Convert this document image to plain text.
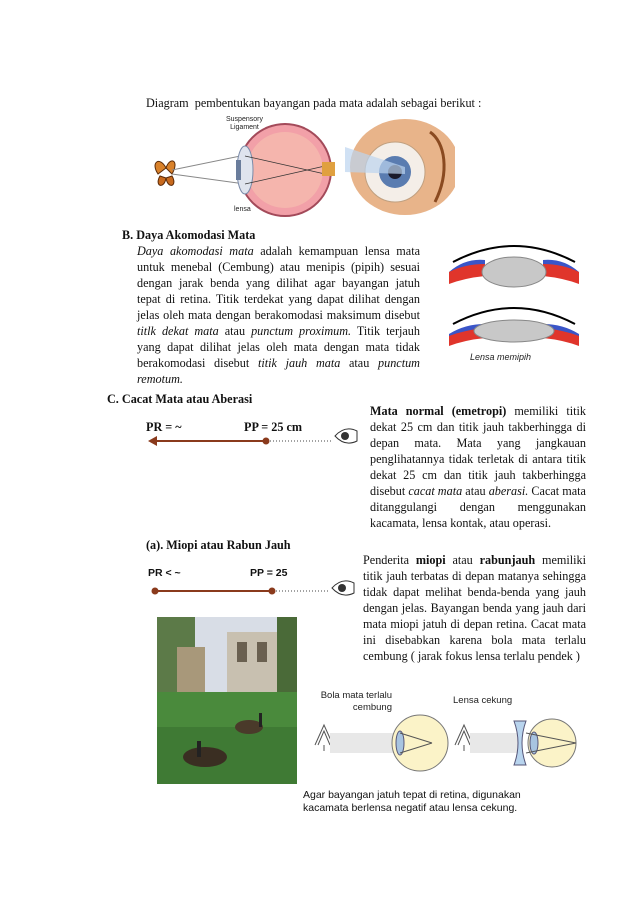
Diagram  pembentukan bayangan pada mata adalah sebagai berikut :
Suspensory
Ligament
lensa
B. Daya Akomodasi Mata
Daya akomodasi mata adalah kemampuan lensa mata untuk menebal (Cembung) atau menipis (pipih) sesuai dengan jarak benda yang dilihat agar bayangan jatuh tepat di retina. Titik terdekat yang dapat dilihat dengan jelas oleh mata dengan berakomodasi maksimum disebut titlk dekat mata atau punctum proximum. Titik terjauh yang dapat dilihat jelas oleh mata dengan mata tidak berakomodasi disebut titik jauh mata atau punctum remotum.
Lensa memipih
C. Cacat Mata atau Aberasi
PR = ~	PP = 25 cm
Mata normal (emetropi) memiliki titik dekat 25 cm dan titik jauh takberhingga di depan mata. Mata yang jangkauan penglihatannya tidak terletak di antara titik dekat 25 cm dan titik jauh takberhingga disebut cacat mata atau aberasi. Cacat mata ditanggulangi dengan menggunakan kacamata, lensa kontak, atau operasi.
(a). Miopi atau Rabun Jauh
PR < ~	PP = 25
Penderita miopi atau rabunjauh memiliki titik jauh terbatas di depan matanya sehingga tidak dapat melihat benda-benda yang jauh dengan jelas. Bayangan benda yang jauh dari mata miopi jatuh di depan retina. Cacat mata ini disebabkan karena bola mata terlalu cembung ( jarak fokus lensa terlalu pendek )
Bola mata terlalu
cembung
Lensa cekung
Agar bayangan jatuh tepat di retina, digunakan kacamata berlensa negatif atau lensa cekung.
